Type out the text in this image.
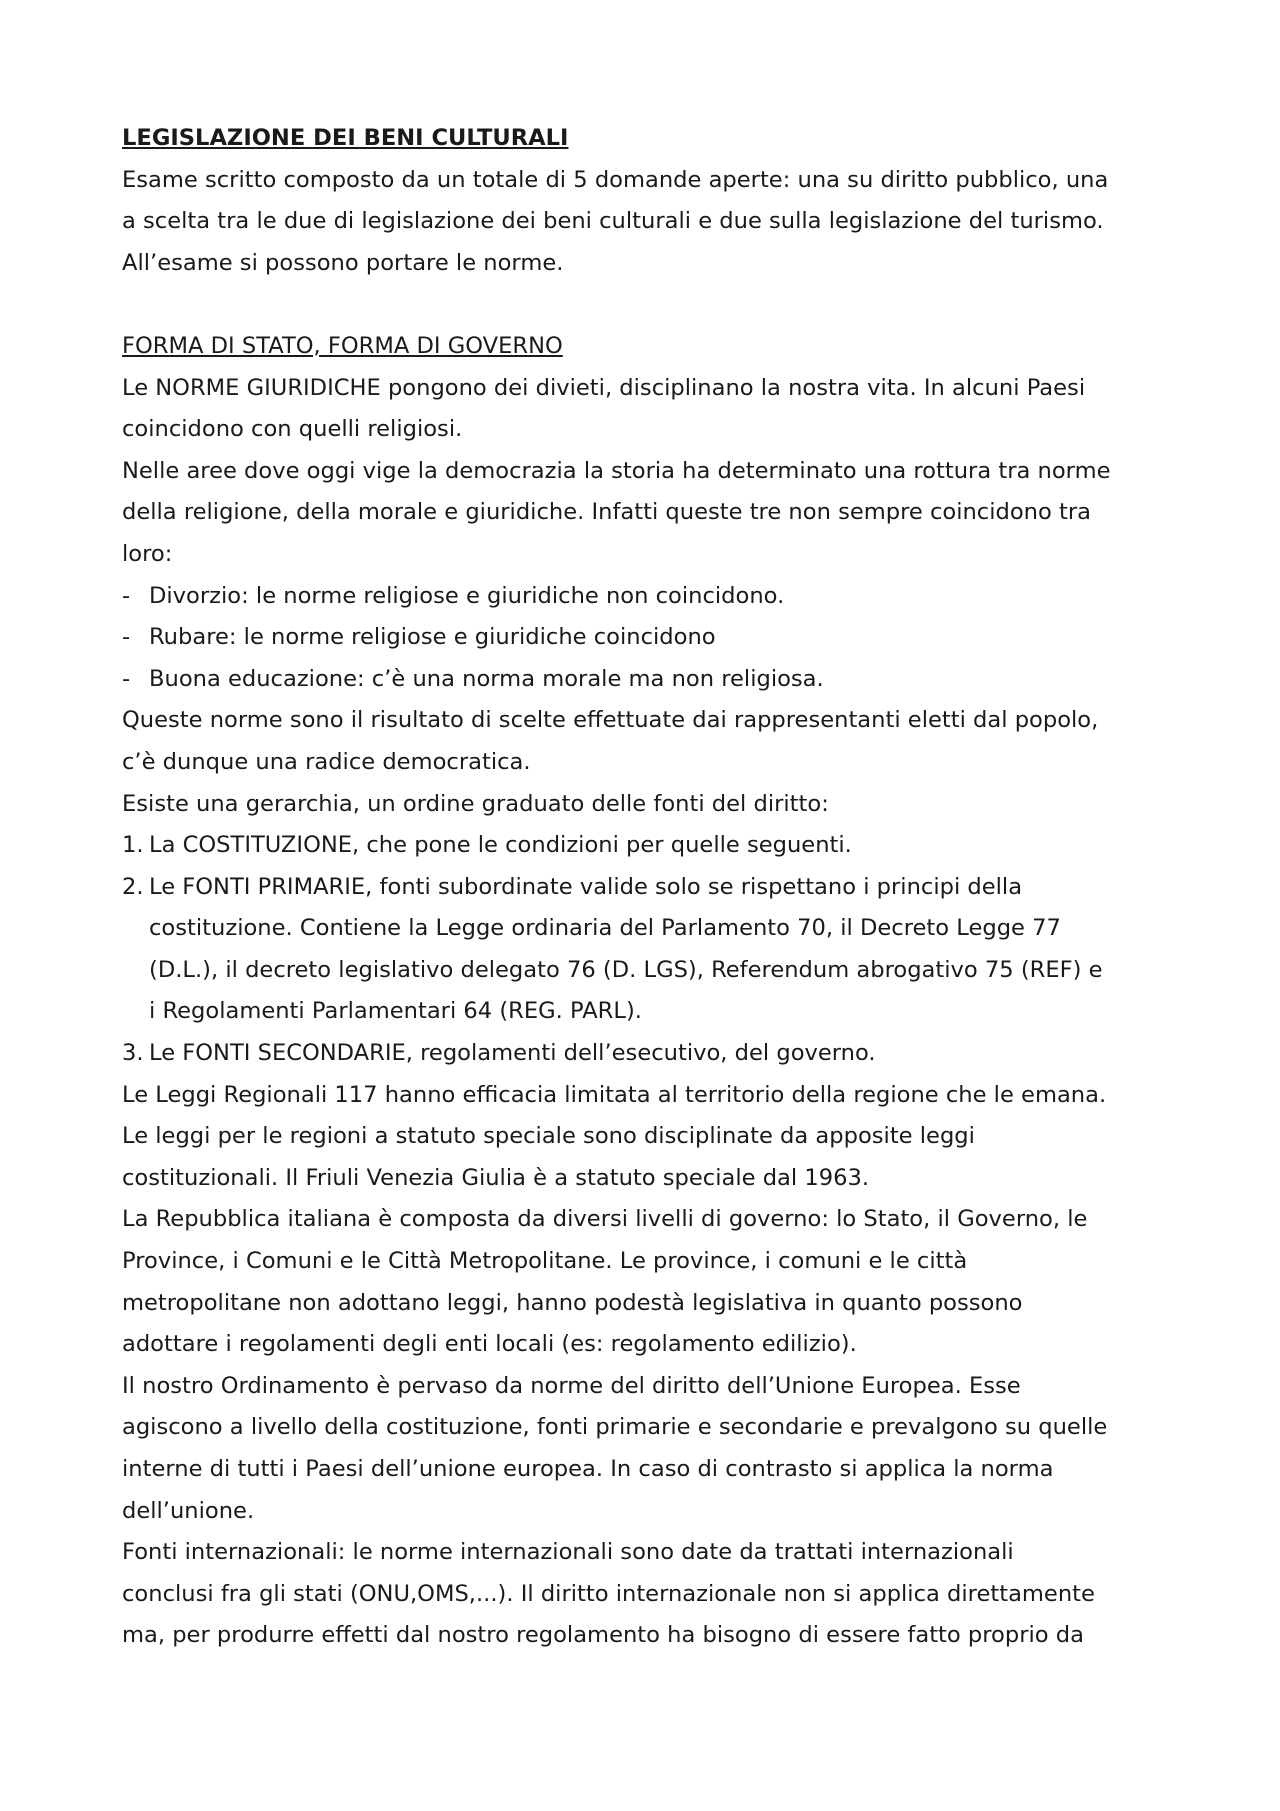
LEGISLAZIONE DEI BENI CULTURALI
Esame scritto composto da un totale di 5 domande aperte: una su diritto pubblico, una
a scelta tra le due di legislazione dei beni culturali e due sulla legislazione del turismo.
All’esame si possono portare le norme.
FORMA DI STATO, FORMA DI GOVERNO
Le NORME GIURIDICHE pongono dei divieti, disciplinano la nostra vita. In alcuni Paesi
coincidono con quelli religiosi.
Nelle aree dove oggi vige la democrazia la storia ha determinato una rottura tra norme
della religione, della morale e giuridiche. Infatti queste tre non sempre coincidono tra
loro:
- Divorzio: le norme religiose e giuridiche non coincidono.
- Rubare: le norme religiose e giuridiche coincidono
- Buona educazione: c’è una norma morale ma non religiosa.
Queste norme sono il risultato di scelte effettuate dai rappresentanti eletti dal popolo,
c’è dunque una radice democratica.
Esiste una gerarchia, un ordine graduato delle fonti del diritto:
1. La COSTITUZIONE, che pone le condizioni per quelle seguenti.
2. Le FONTI PRIMARIE, fonti subordinate valide solo se rispettano i principi della
costituzione. Contiene la Legge ordinaria del Parlamento 70, il Decreto Legge 77
(D.L.), il decreto legislativo delegato 76 (D. LGS), Referendum abrogativo 75 (REF) e
i Regolamenti Parlamentari 64 (REG. PARL).
3. Le FONTI SECONDARIE, regolamenti dell’esecutivo, del governo.
Le Leggi Regionali 117 hanno efficacia limitata al territorio della regione che le emana.
Le leggi per le regioni a statuto speciale sono disciplinate da apposite leggi
costituzionali. Il Friuli Venezia Giulia è a statuto speciale dal 1963.
La Repubblica italiana è composta da diversi livelli di governo: lo Stato, il Governo, le
Province, i Comuni e le Città Metropolitane. Le province, i comuni e le città
metropolitane non adottano leggi, hanno podestà legislativa in quanto possono
adottare i regolamenti degli enti locali (es: regolamento edilizio).
Il nostro Ordinamento è pervaso da norme del diritto dell’Unione Europea. Esse
agiscono a livello della costituzione, fonti primarie e secondarie e prevalgono su quelle
interne di tutti i Paesi dell’unione europea. In caso di contrasto si applica la norma
dell’unione.
Fonti internazionali: le norme internazionali sono date da trattati internazionali
conclusi fra gli stati (ONU,OMS,...). Il diritto internazionale non si applica direttamente
ma, per produrre effetti dal nostro regolamento ha bisogno di essere fatto proprio da
